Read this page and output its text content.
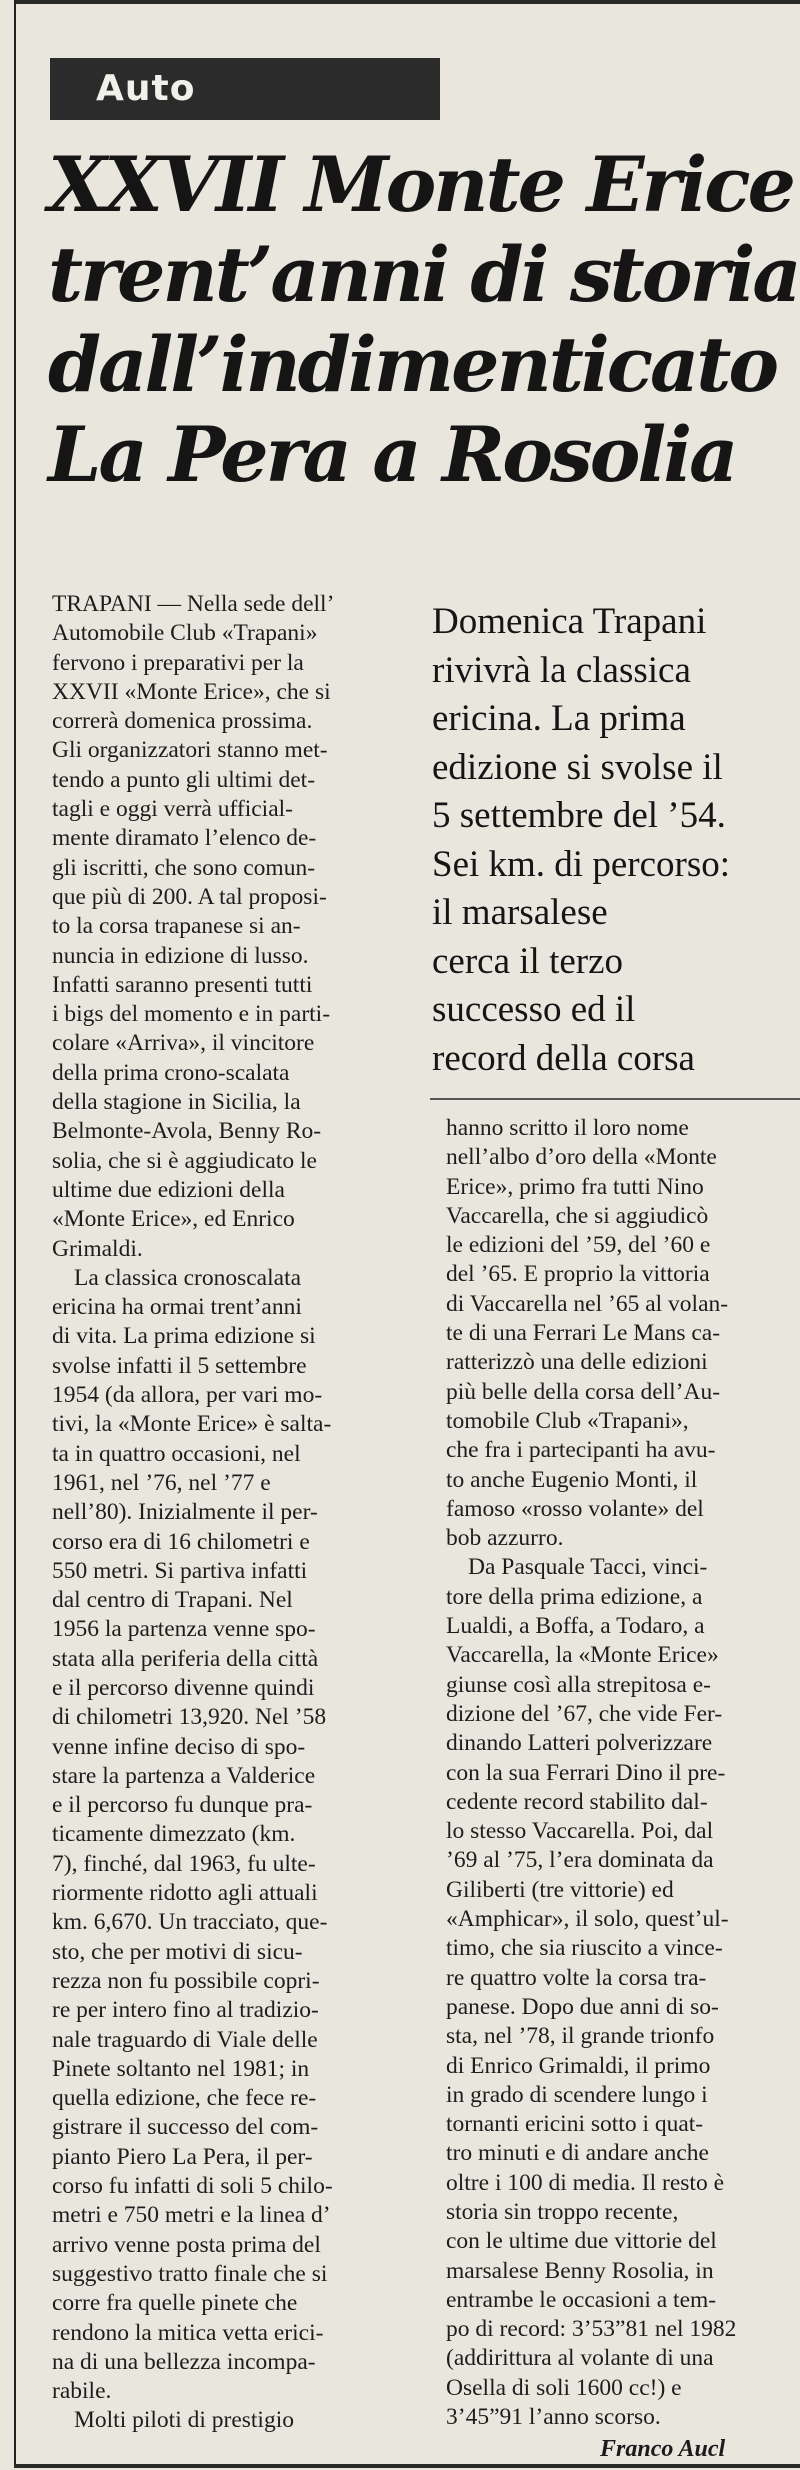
Auto
XXVII Monte Erice
trent’anni di storia
dall’indimenticato
La Pera a Rosolia

TRAPANI — Nella sede dell’

Automobile Club «Trapani»

fervono i preparativi per la

XXVII «Monte Erice», che si

correrà domenica prossima.

Gli organizzatori stanno met-

tendo a punto gli ultimi det-

tagli e oggi verrà ufficial-

mente diramato l’elenco de-

gli iscritti, che sono comun-

que più di 200. A tal proposi-

to la corsa trapanese si an-

nuncia in edizione di lusso.

Infatti saranno presenti tutti

i bigs del momento e in parti-

colare «Arriva», il vincitore

della prima crono-scalata

della stagione in Sicilia, la

Belmonte-Avola, Benny Ro-

solia, che si è aggiudicato le

ultime due edizioni della

«Monte Erice», ed Enrico

Grimaldi.

La classica cronoscalata

ericina ha ormai trent’anni

di vita. La prima edizione si

svolse infatti il 5 settembre

1954 (da allora, per vari mo-

tivi, la «Monte Erice» è salta-

ta in quattro occasioni, nel

1961, nel ’76, nel ’77 e

nell’80). Inizialmente il per-

corso era di 16 chilometri e

550 metri. Si partiva infatti

dal centro di Trapani. Nel

1956 la partenza venne spo-

stata alla periferia della città

e il percorso divenne quindi

di chilometri 13,920. Nel ’58

venne infine deciso di spo-

stare la partenza a Valderice

e il percorso fu dunque pra-

ticamente dimezzato (km.

7), finché, dal 1963, fu ulte-

riormente ridotto agli attuali

km. 6,670. Un tracciato, que-

sto, che per motivi di sicu-

rezza non fu possibile copri-

re per intero fino al tradizio-

nale traguardo di Viale delle

Pinete soltanto nel 1981; in

quella edizione, che fece re-

gistrare il successo del com-

pianto Piero La Pera, il per-

corso fu infatti di soli 5 chilo-

metri e 750 metri e la linea d’

arrivo venne posta prima del

suggestivo tratto finale che si

corre fra quelle pinete che

rendono la mitica vetta erici-

na di una bellezza incompa-

rabile.

Molti piloti di prestigio

Domenica Trapani

rivivrà la classica

ericina. La prima

edizione si svolse il

5 settembre del ’54.

Sei km. di percorso:

il marsalese

cerca il terzo

successo ed il

record della corsa

hanno scritto il loro nome

nell’albo d’oro della «Monte

Erice», primo fra tutti Nino

Vaccarella, che si aggiudicò

le edizioni del ’59, del ’60 e

del ’65. E proprio la vittoria

di Vaccarella nel ’65 al volan-

te di una Ferrari Le Mans ca-

ratterizzò una delle edizioni

più belle della corsa dell’Au-

tomobile Club «Trapani»,

che fra i partecipanti ha avu-

to anche Eugenio Monti, il

famoso «rosso volante» del

bob azzurro.

Da Pasquale Tacci, vinci-

tore della prima edizione, a

Lualdi, a Boffa, a Todaro, a

Vaccarella, la «Monte Erice»

giunse così alla strepitosa e-

dizione del ’67, che vide Fer-

dinando Latteri polverizzare

con la sua Ferrari Dino il pre-

cedente record stabilito dal-

lo stesso Vaccarella. Poi, dal

’69 al ’75, l’era dominata da

Giliberti (tre vittorie) ed

«Amphicar», il solo, quest’ul-

timo, che sia riuscito a vince-

re quattro volte la corsa tra-

panese. Dopo due anni di so-

sta, nel ’78, il grande trionfo

di Enrico Grimaldi, il primo

in grado di scendere lungo i

tornanti ericini sotto i quat-

tro minuti e di andare anche

oltre i 100 di media. Il resto è

storia sin troppo recente,

con le ultime due vittorie del

marsalese Benny Rosolia, in

entrambe le occasioni a tem-

po di record: 3’53”81 nel 1982

(addirittura al volante di una

Osella di soli 1600 cc!) e

3’45”91 l’anno scorso.

Franco Aucl
